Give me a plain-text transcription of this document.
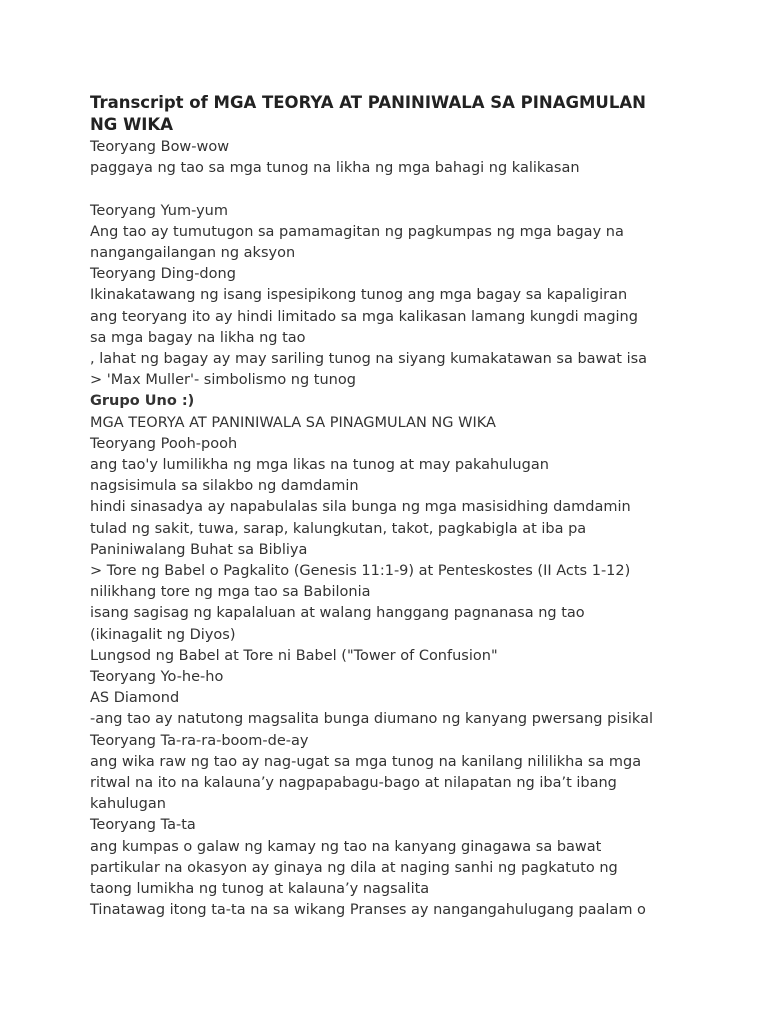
Transcript of MGA TEORYA AT PANINIWALA SA PINAGMULAN
NG WIKA
Teoryang Bow-wow
paggaya ng tao sa mga tunog na likha ng mga bahagi ng kalikasan
Teoryang Yum-yum
Ang tao ay tumutugon sa pamamagitan ng pagkumpas ng mga bagay na
nangangailangan ng aksyon
Teoryang Ding-dong
Ikinakatawang ng isang ispesipikong tunog ang mga bagay sa kapaligiran
ang teoryang ito ay hindi limitado sa mga kalikasan lamang kungdi maging
sa mga bagay na likha ng tao
, lahat ng bagay ay may sariling tunog na siyang kumakatawan sa bawat isa
> 'Max Muller'- simbolismo ng tunog
Grupo Uno :)
MGA TEORYA AT PANINIWALA SA PINAGMULAN NG WIKA
Teoryang Pooh-pooh
ang tao'y lumilikha ng mga likas na tunog at may pakahulugan
nagsisimula sa silakbo ng damdamin
hindi sinasadya ay napabulalas sila bunga ng mga masisidhing damdamin
tulad ng sakit, tuwa, sarap, kalungkutan, takot, pagkabigla at iba pa
Paniniwalang Buhat sa Bibliya
> Tore ng Babel o Pagkalito (Genesis 11:1-9) at Penteskostes (II Acts 1-12)
nilikhang tore ng mga tao sa Babilonia
isang sagisag ng kapalaluan at walang hanggang pagnanasa ng tao
(ikinagalit ng Diyos)
Lungsod ng Babel at Tore ni Babel ("Tower of Confusion"
Teoryang Yo-he-ho
AS Diamond
-ang tao ay natutong magsalita bunga diumano ng kanyang pwersang pisikal
Teoryang Ta-ra-ra-boom-de-ay
ang wika raw ng tao ay nag-ugat sa mga tunog na kanilang nililikha sa mga
ritwal na ito na kalauna’y nagpapabagu-bago at nilapatan ng iba’t ibang
kahulugan
Teoryang Ta-ta
ang kumpas o galaw ng kamay ng tao na kanyang ginagawa sa bawat
partikular na okasyon ay ginaya ng dila at naging sanhi ng pagkatuto ng
taong lumikha ng tunog at kalauna’y nagsalita
Tinatawag itong ta-ta na sa wikang Pranses ay nangangahulugang paalam o
